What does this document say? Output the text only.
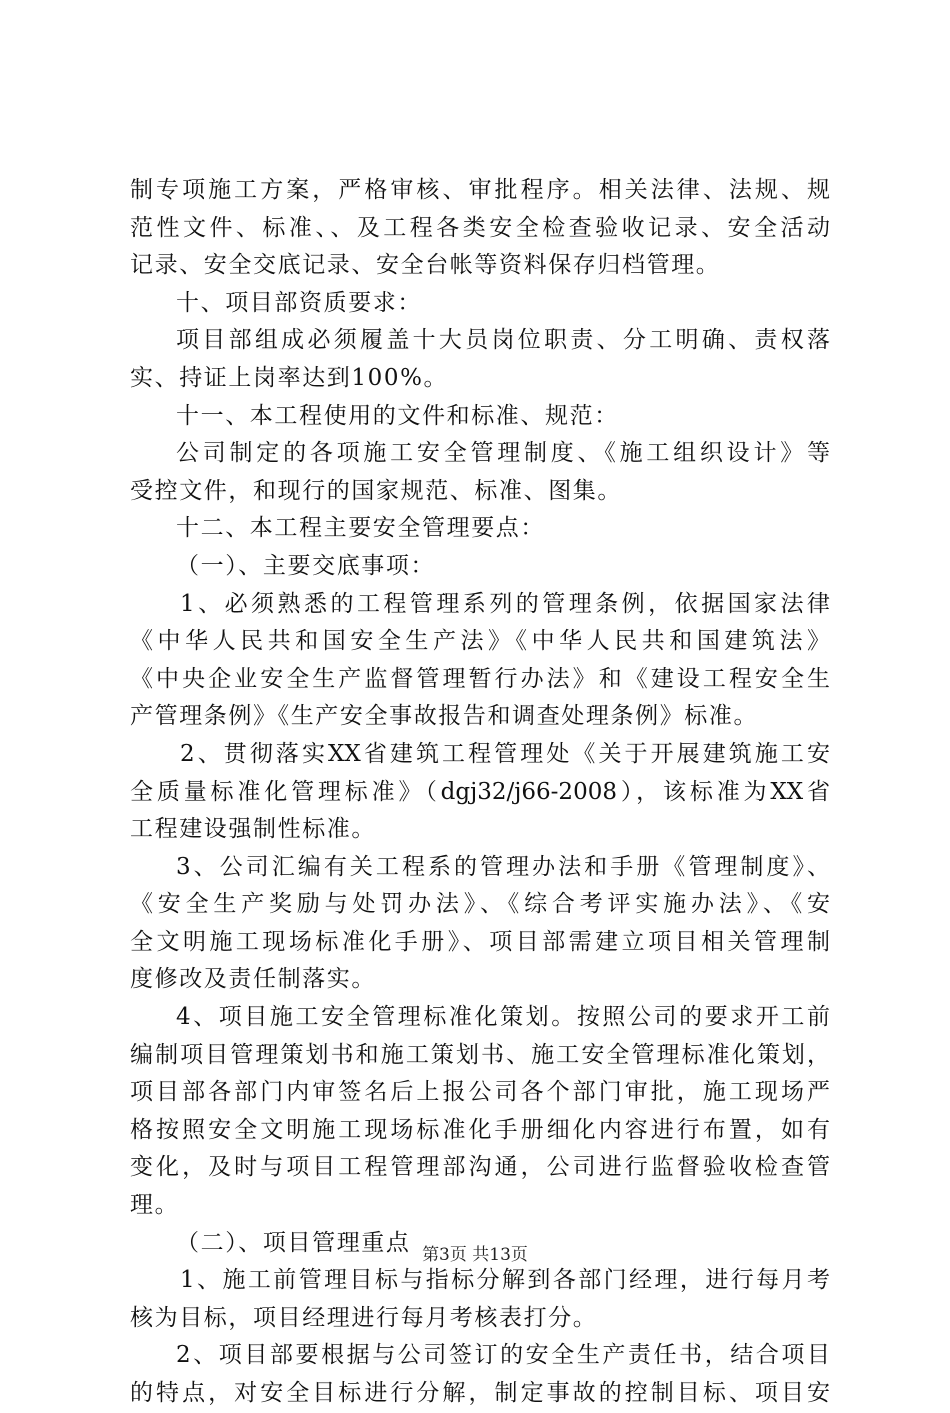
制专项施工方案，严格审核、审批程序。相关法律、法规、规
范性文件、标准、、及工程各类安全检查验收记录、安全活动
记录、安全交底记录、安全台帐等资料保存归档管理。
十、项目部资质要求：
项目部组成必须履盖十大员岗位职责、分工明确、责权落
实、持证上岗率达到100%。
十一、本工程使用的文件和标准、规范：
公司制定的各项施工安全管理制度、《施工组织设计》等
受控文件，和现行的国家规范、标准、图集。
十二、本工程主要安全管理要点：
（一）、主要交底事项：
1、必须熟悉的工程管理系列的管理条例，依据国家法律
《中华人民共和国安全生产法》《中华人民共和国建筑法》
《中央企业安全生产监督管理暂行办法》和《建设工程安全生
产管理条例》《生产安全事故报告和调查处理条例》标准。
2、贯彻落实XX省建筑工程管理处《关于开展建筑施工安
全质量标准化管理标准》（dgj32/j66-2008），该标准为XX省
工程建设强制性标准。
3、公司汇编有关工程系的管理办法和手册《管理制度》、
《安全生产奖励与处罚办法》、《综合考评实施办法》、《安
全文明施工现场标准化手册》、项目部需建立项目相关管理制
度修改及责任制落实。
4、项目施工安全管理标准化策划。按照公司的要求开工前
编制项目管理策划书和施工策划书、施工安全管理标准化策划，
项目部各部门内审签名后上报公司各个部门审批，施工现场严
格按照安全文明施工现场标准化手册细化内容进行布置，如有
变化，及时与项目工程管理部沟通，公司进行监督验收检查管
理。
（二）、项目管理重点
1、施工前管理目标与指标分解到各部门经理，进行每月考
核为目标，项目经理进行每月考核表打分。
2、项目部要根据与公司签订的安全生产责任书，结合项目
的特点，对安全目标进行分解，制定事故的控制目标、项目安
第3页 共13页
